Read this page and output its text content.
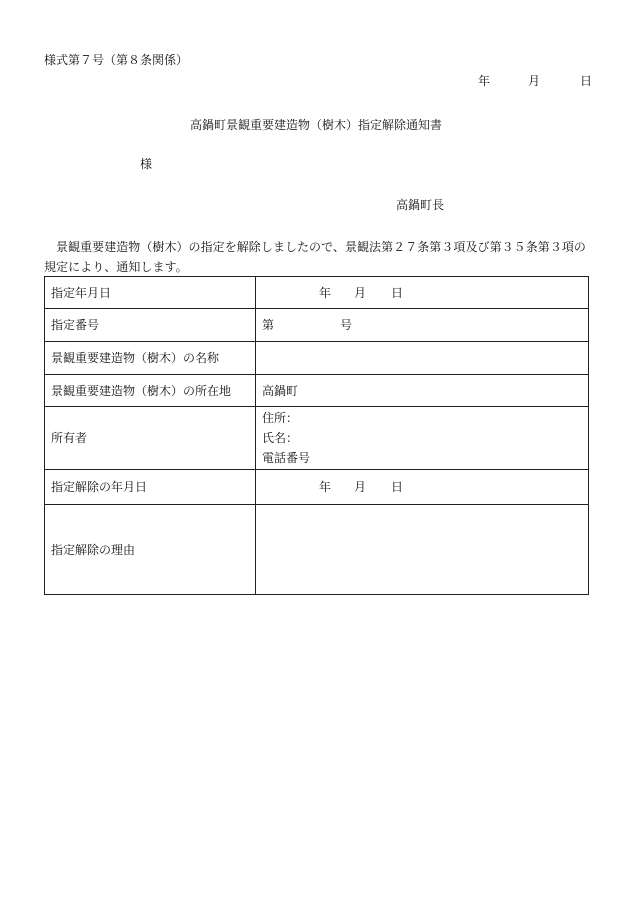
様式第７号（第８条関係）
年	月	日
高鍋町景観重要建造物（樹木）指定解除通知書
様
高鍋町長
景観重要建造物（樹木）の指定を解除しましたので、景観法第２７条第３項及び第３５条第３項の規定により、通知します。
指定年月日	年 月 日
指定番号	第 号
景観重要建造物（樹木）の名称	
景観重要建造物（樹木）の所在地	高鍋町
所有者	住所：
氏名：
電話番号

指定解除の年月日	年 月 日
指定解除の理由	
